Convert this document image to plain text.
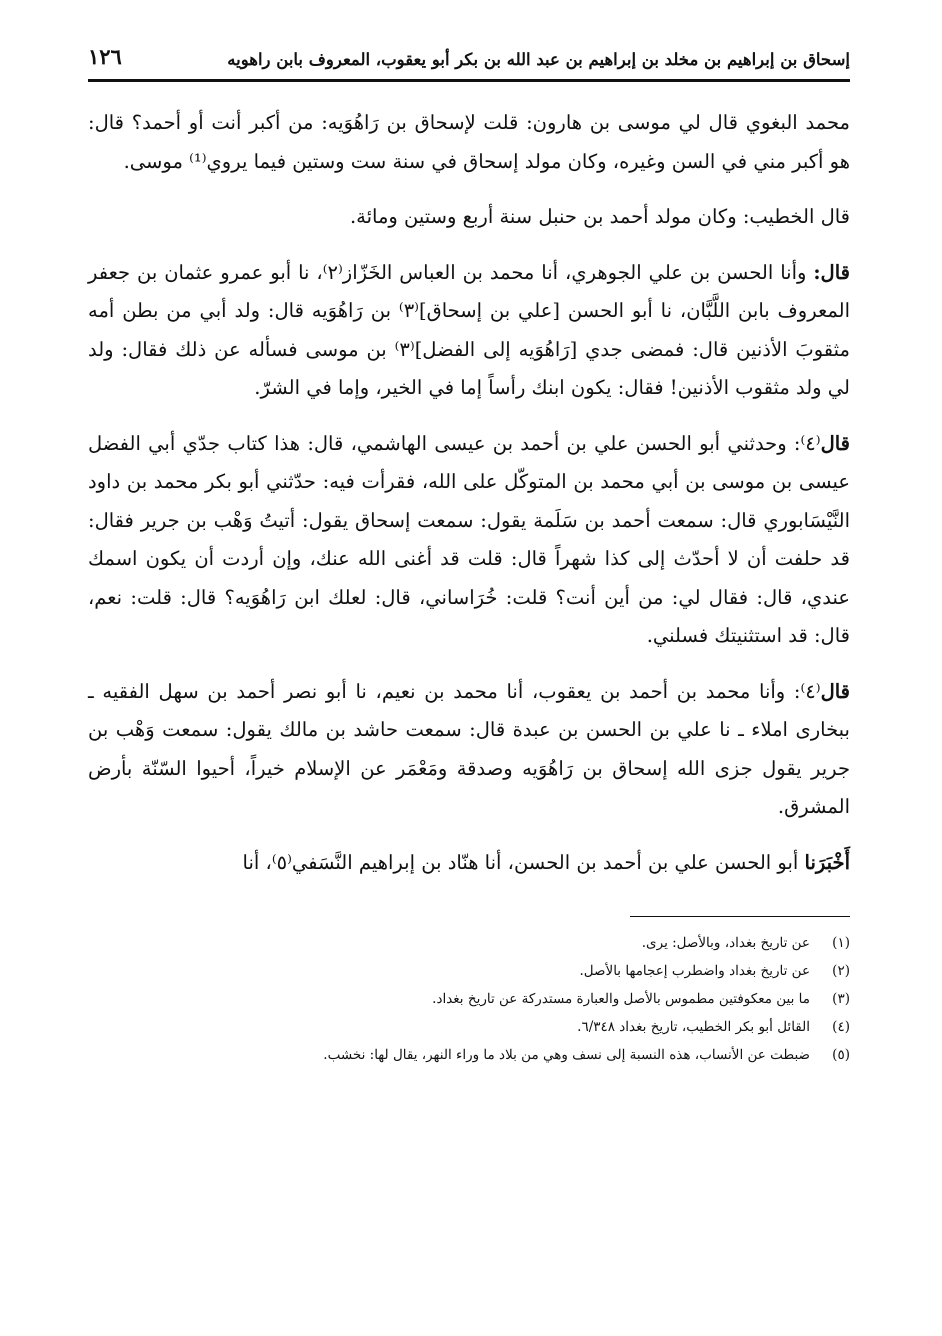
إسحاق بن إبراهيم بن مخلد بن إبراهيم بن عبد الله بن بكر أبو يعقوب، المعروف بابن راهويه
١٢٦

محمد البغوي قال لي موسى بن هارون: قلت لإسحاق بن رَاهُوَيه: من أكبر أنت أو أحمد؟ قال: هو أكبر مني في السن وغيره، وكان مولد إسحاق في سنة ست وستين فيما يروي⁽¹⁾ موسى.

قال الخطيب: وكان مولد أحمد بن حنبل سنة أربع وستين ومائة.

قال: وأنا الحسن بن علي الجوهري، أنا محمد بن العباس الخَزّاز⁽٢⁾، نا أبو عمرو عثمان بن جعفر المعروف بابن اللَّبَّان، نا أبو الحسن [علي بن إسحاق]⁽٣⁾ بن رَاهُوَيه قال: ولد أبي من بطن أمه مثقوبَ الأذنين قال: فمضى جدي [رَاهُوَيه إلى الفضل]⁽٣⁾ بن موسى فسأله عن ذلك فقال: ولد لي ولد مثقوب الأذنين! فقال: يكون ابنك رأساً إما في الخير، وإما في الشرّ.

قال⁽٤⁾: وحدثني أبو الحسن علي بن أحمد بن عيسى الهاشمي، قال: هذا كتاب جدّي أبي الفضل عيسى بن موسى بن أبي محمد بن المتوكّل على الله، فقرأت فيه: حدّثني أبو بكر محمد بن داود النَّيْسَابوري قال: سمعت أحمد بن سَلَمة يقول: سمعت إسحاق يقول: أتيتُ وَهْب بن جرير فقال: قد حلفت أن لا أحدّث إلى كذا شهراً قال: قلت قد أغنى الله عنك، وإن أردت أن يكون اسمك عندي، قال: فقال لي: من أين أنت؟ قلت: خُرَاساني، قال: لعلك ابن رَاهُوَيه؟ قال: قلت: نعم، قال: قد استثنيتك فسلني.

قال⁽٤⁾: وأنا محمد بن أحمد بن يعقوب، أنا محمد بن نعيم، نا أبو نصر أحمد بن سهل الفقيه ـ ببخارى املاء ـ نا علي بن الحسن بن عبدة قال: سمعت حاشد بن مالك يقول: سمعت وَهْب بن جرير يقول جزى الله إسحاق بن رَاهُوَيه وصدقة ومَعْمَر عن الإسلام خيراً، أحيوا السّنّة بأرض المشرق.

أَخْبَرَنا أبو الحسن علي بن أحمد بن الحسن، أنا هنّاد بن إبراهيم النَّسَفي⁽٥⁾، أنا

(١)
عن تاريخ بغداد، وبالأصل: يرى.
(٢)
عن تاريخ بغداد واضطرب إعجامها بالأصل.
(٣)
ما بين معكوفتين مطموس بالأصل والعبارة مستدركة عن تاريخ بغداد.
(٤)
القائل أبو بكر الخطيب، تاريخ بغداد ٦/٣٤٨.
(٥)
ضبطت عن الأنساب، هذه النسبة إلى نسف وهي من بلاد ما وراء النهر، يقال لها: نخشب.
